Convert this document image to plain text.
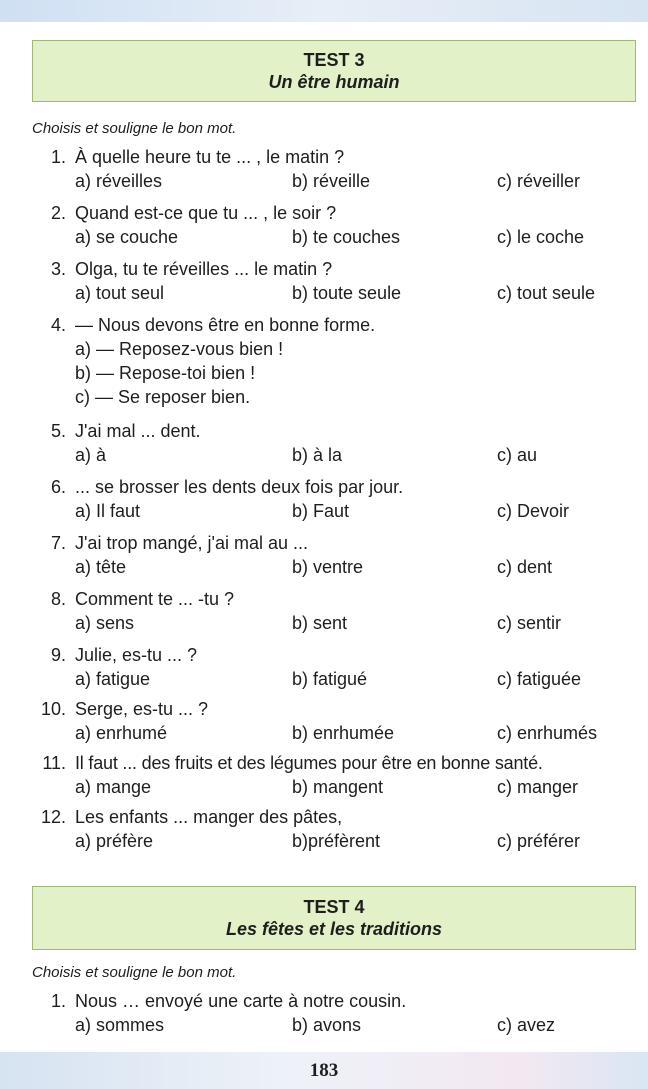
TEST 3
Un être humain
Choisis et souligne le bon mot.
1. À quelle heure tu te ... , le matin ?
a) réveilles	b) réveille	c) réveiller
2. Quand est-ce que tu ... , le soir ?
a) se couche	b) te couches	c) le coche
3. Olga, tu te réveilles ... le matin ?
a) tout seul	b) toute seule	c) tout seule
4. — Nous devons être en bonne forme.
a) — Reposez-vous bien !
b) — Repose-toi bien !
c) — Se reposer bien.
5. J'ai mal ... dent.
a) à	b) à la	c) au
6. ... se brosser les dents deux fois par jour.
a) Il faut	b) Faut	c) Devoir
7. J'ai trop mangé, j'ai mal au ...
a) tête	b) ventre	c) dent
8. Comment te ... -tu ?
a) sens	b) sent	c) sentir
9. Julie, es-tu ... ?
a) fatigue	b) fatigué	c) fatiguée
10. Serge, es-tu ... ?
a) enrhumé	b) enrhumée	c) enrhumés
11. Il faut ... des fruits et des légumes pour être en bonne santé.
a) mange	b) mangent	c) manger
12. Les enfants ... manger des pâtes,
a) préfère	b)préfèrent	c) préférer
TEST 4
Les fêtes et les traditions
Choisis et souligne le bon mot.
1. Nous … envoyé une carte à notre cousin.
a) sommes	b) avons	c) avez
183
